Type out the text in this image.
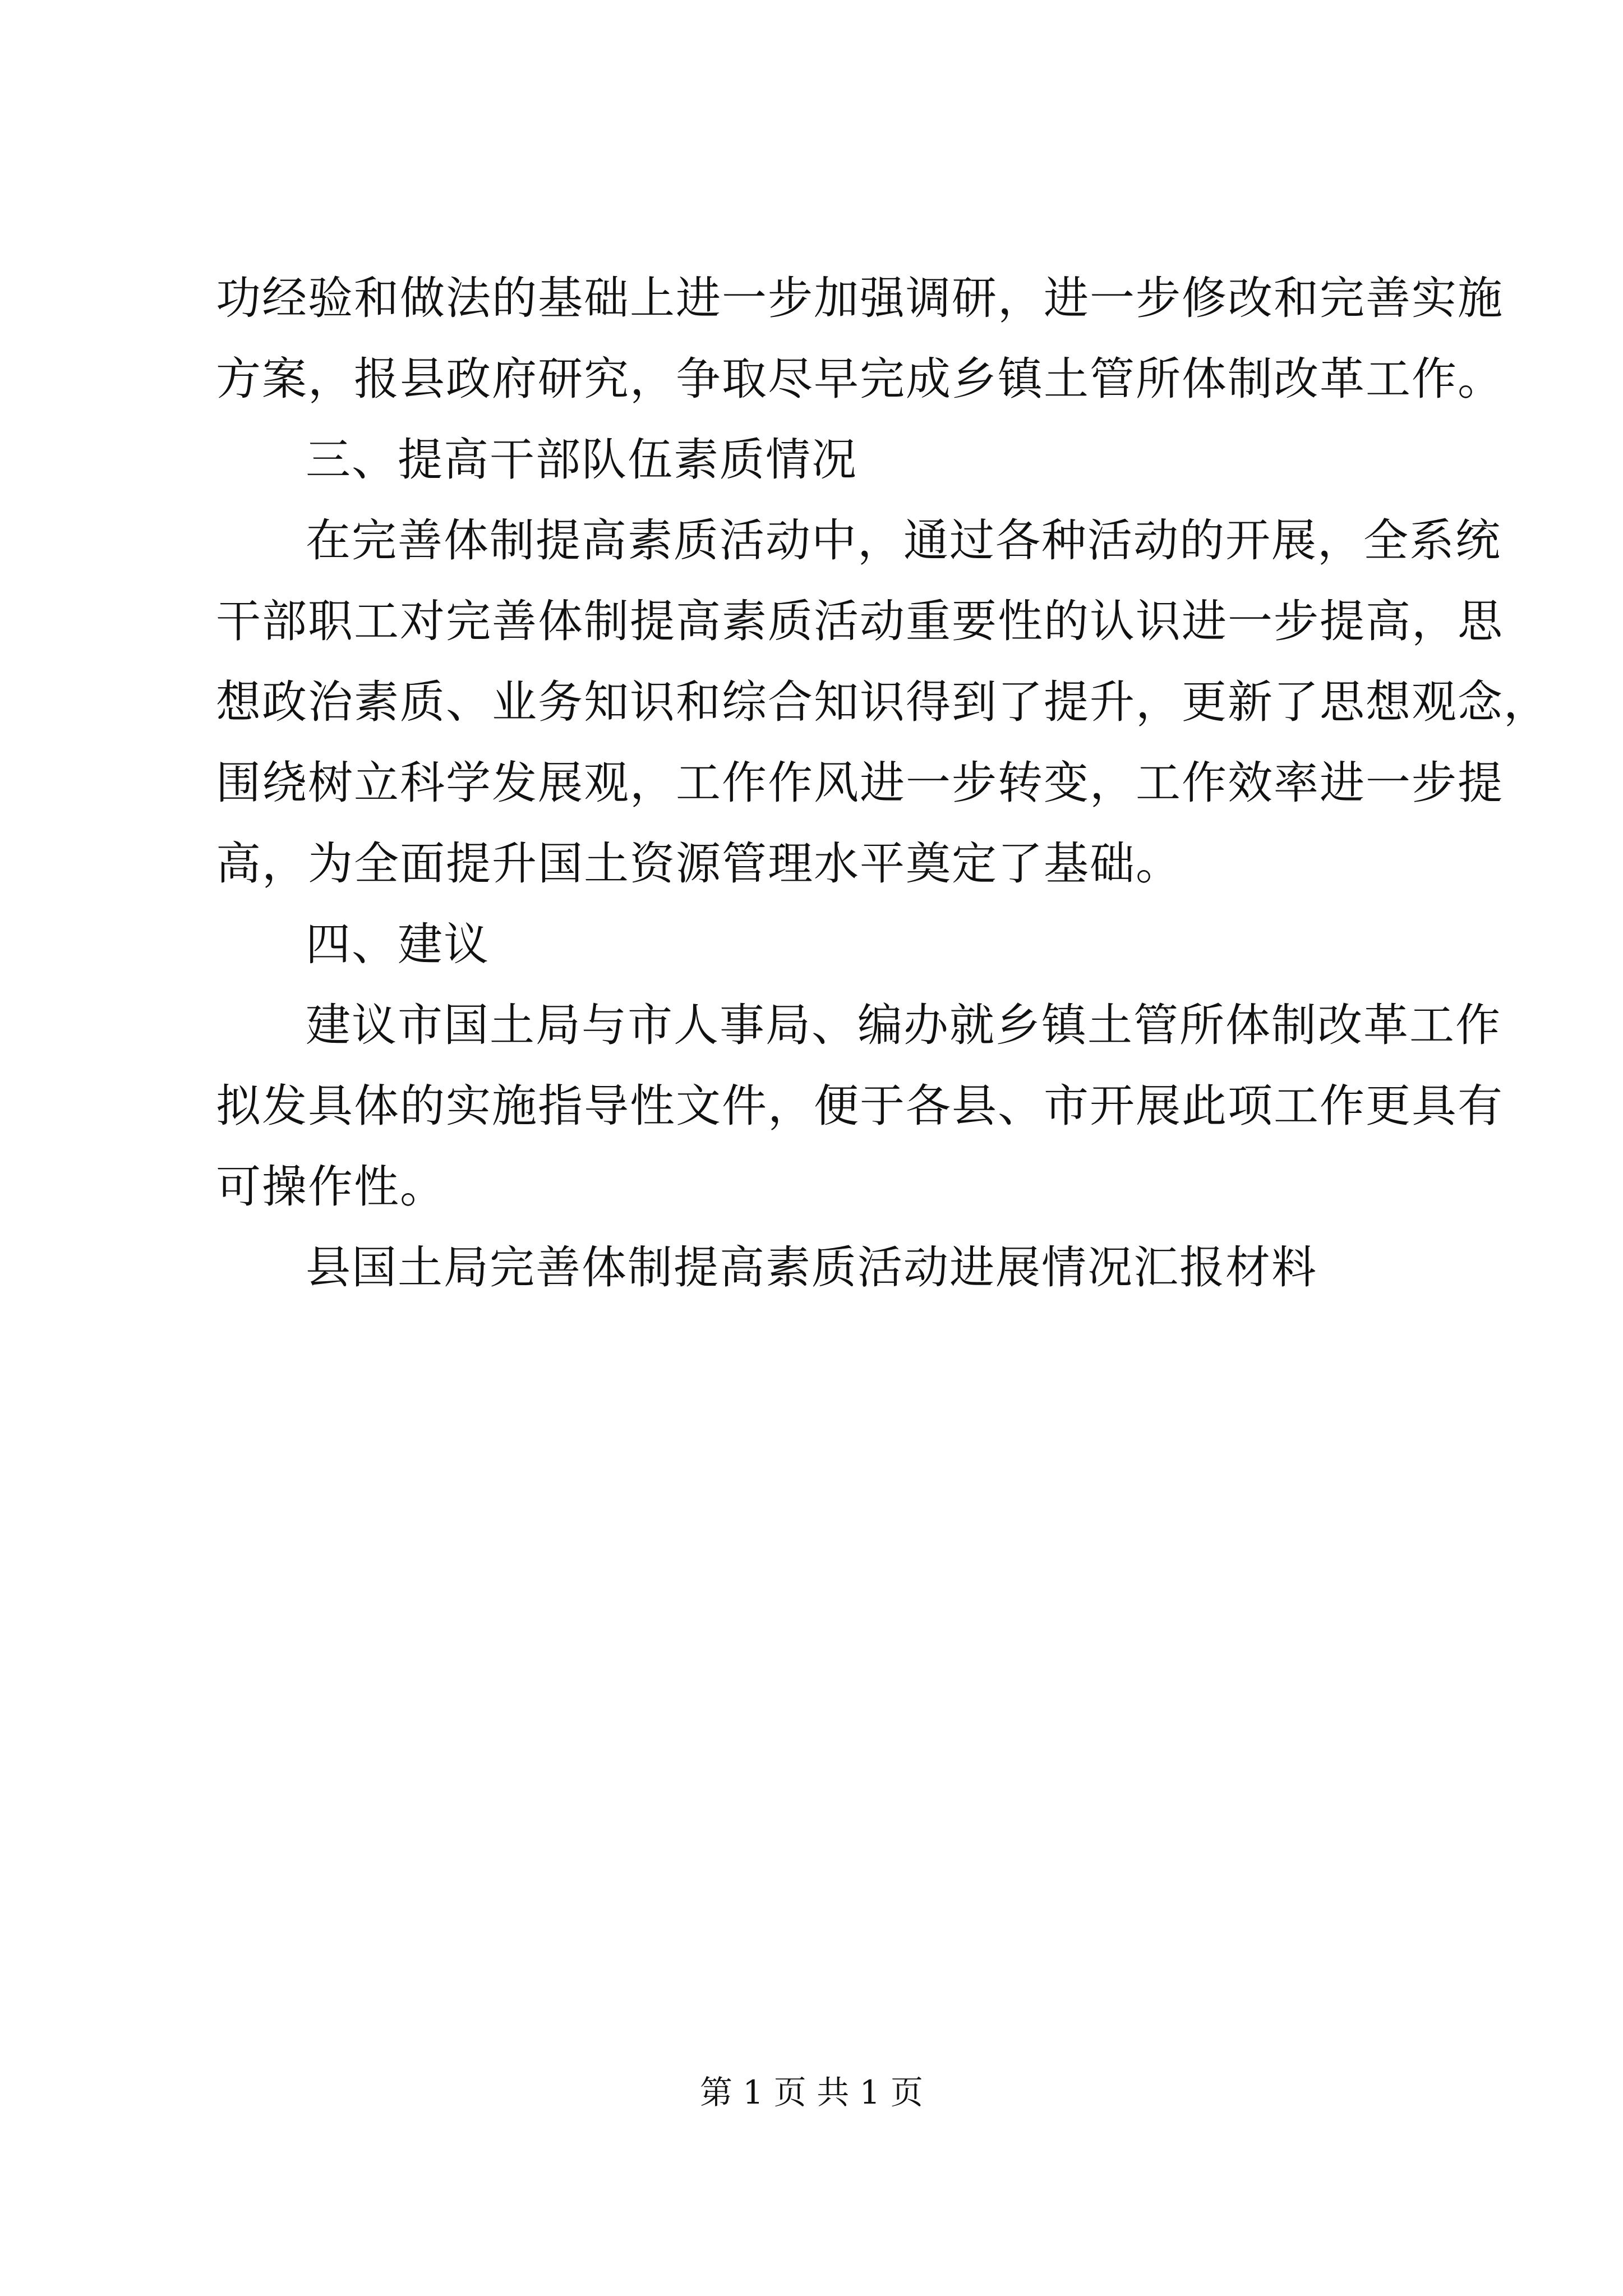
功经验和做法的基础上进一步加强调研，进一步修改和完善实施
方案，报县政府研究，争取尽早完成乡镇土管所体制改革工作。
三、提高干部队伍素质情况
在完善体制提高素质活动中，通过各种活动的开展，全系统
干部职工对完善体制提高素质活动重要性的认识进一步提高，思
想政治素质、业务知识和综合知识得到了提升，更新了思想观念，
围绕树立科学发展观，工作作风进一步转变，工作效率进一步提
高，为全面提升国土资源管理水平奠定了基础。
四、建议
建议市国土局与市人事局、编办就乡镇土管所体制改革工作
拟发具体的实施指导性文件，便于各县、市开展此项工作更具有
可操作性。
县国土局完善体制提高素质活动进展情况汇报材料
第 1 页 共 1 页
